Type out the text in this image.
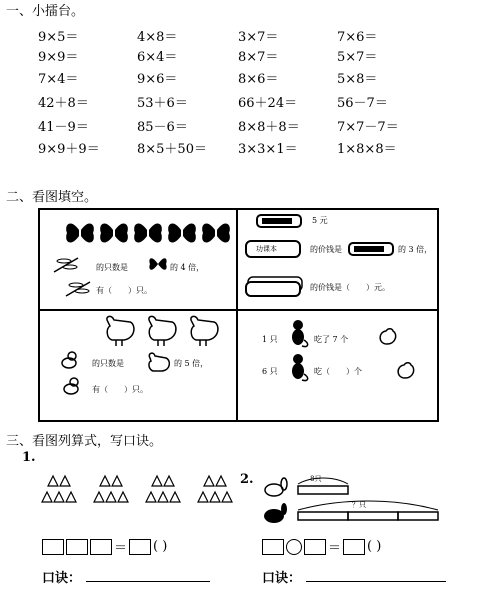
一、小擂台。
9×5＝	4×8＝	3×7＝	7×6＝
9×9＝	6×4＝	8×7＝	5×7＝
7×4＝	9×6＝	8×6＝	5×8＝
42＋8＝	53＋6＝	66＋24＝	56－7＝
41－9＝	85－6＝	8×8＋8＝	7×7－7＝
9×9＋9＝	8×5＋50＝ 3×3×1＝	1×8×8＝
二、看图填空。
的只数是	的 4 倍，
有（　　）只。
5 元
功课本	的价钱是	的 3 倍，
的价钱是（　　）元。
的只数是	的 5 倍，
有（　　）只。
1 只	吃了 7 个
6 只	吃（　　）个
三、看图列算式，写口诀。
1.
2.
＝ ( )
口诀：
8只
？只
＝ ( )
口诀：
